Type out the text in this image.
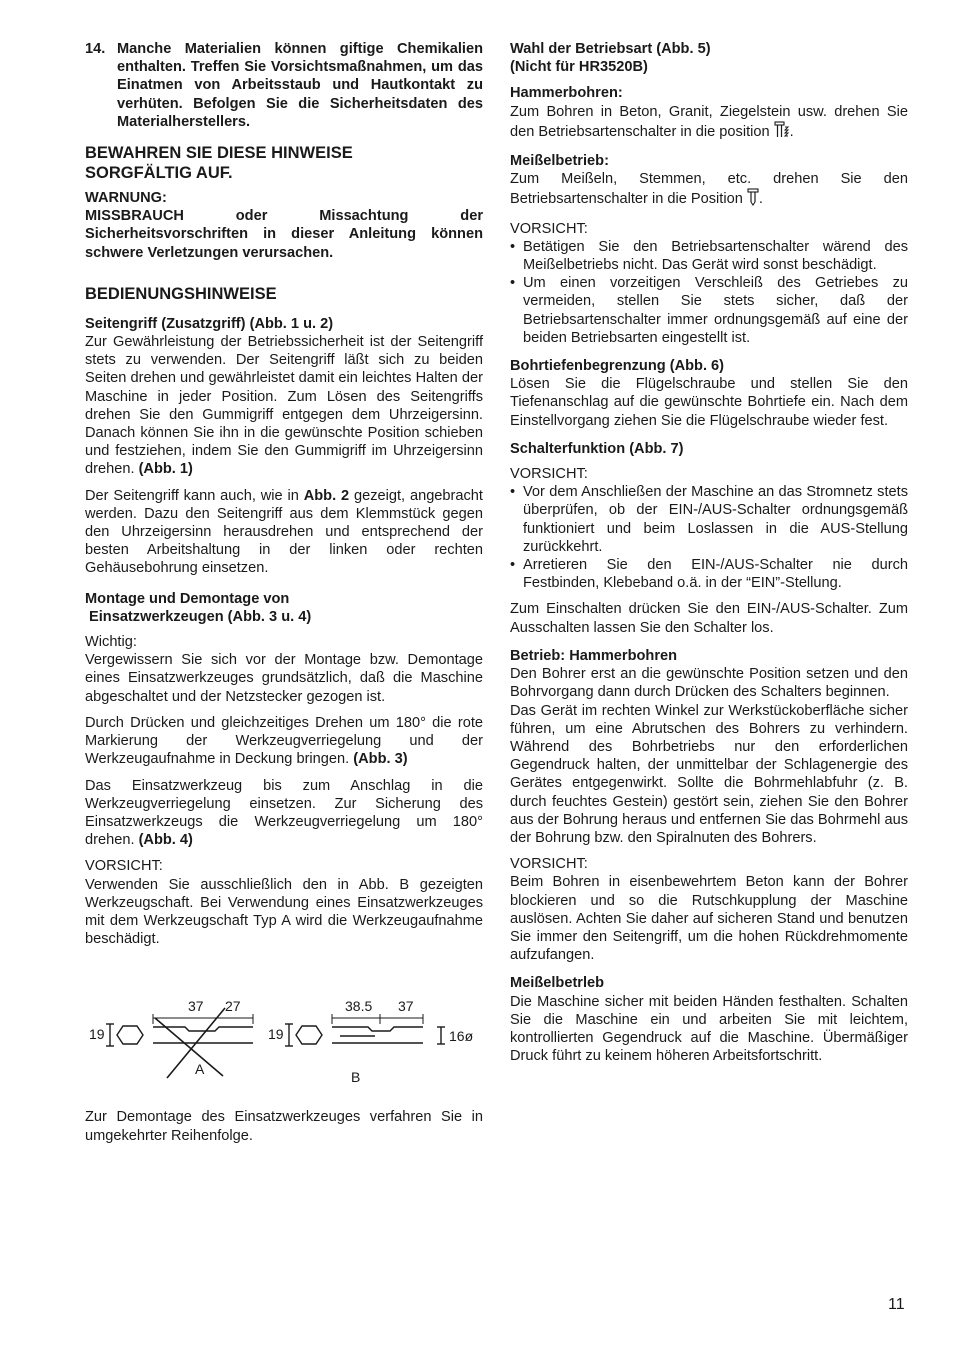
14. Manche Materialien können giftige Chemikalien enthalten. Treffen Sie Vorsichtsmaßnahmen, um das Einatmen von Arbeitsstaub und Hautkontakt zu verhüten. Befolgen Sie die Sicherheitsdaten des Materialherstellers.
BEWAHREN SIE DIESE HINWEISE
SORGFÄLTIG AUF.

WARNUNG:

MISSBRAUCH oder Missachtung der Sicherheitsvorschriften in dieser Anleitung können schwere Verletzungen verursachen.

BEDIENUNGSHINWEISE

Seitengriff (Zusatzgriff) (Abb. 1 u. 2)

Zur Gewährleistung der Betriebssicherheit ist der Seitengriff stets zu verwenden. Der Seitengriff läßt sich zu beiden Seiten drehen und gewährleistet damit ein leichtes Halten der Maschine in jeder Position. Zum Lösen des Seitengriffs drehen Sie den Gummigriff entgegen dem Uhrzeigersinn. Danach können Sie ihn in die gewünschte Position schieben und festziehen, indem Sie den Gummigriff im Uhrzeigersinn drehen. (Abb. 1)

Der Seitengriff kann auch, wie in Abb. 2 gezeigt, angebracht werden. Dazu den Seitengriff aus dem Klemmstück gegen den Uhrzeigersinn herausdrehen und entsprechend der besten Arbeitshaltung in der linken oder rechten Gehäusebohrung einsetzen.

Montage und Demontage von
Einsatzwerkzeugen (Abb. 3 u. 4)

Wichtig:

Vergewissern Sie sich vor der Montage bzw. Demontage eines Einsatzwerkzeuges grundsätzlich, daß die Maschine abgeschaltet und der Netzstecker gezogen ist.

Durch Drücken und gleichzeitiges Drehen um 180° die rote Markierung der Werkzeugverriegelung und der Werkzeugaufnahme in Deckung bringen. (Abb. 3)

Das Einsatzwerkzeug bis zum Anschlag in die Werkzeugverriegelung einsetzen. Zur Sicherung des Einsatzwerkzeugs die Werkzeugverriegelung um 180° drehen. (Abb. 4)

VORSICHT:

Verwenden Sie ausschließlich den in Abb. B gezeigten Werkzeugschaft. Bei Verwendung eines Einsatzwerkzeuges mit dem Werkzeugschaft Typ A wird die Werkzeugaufnahme beschädigt.

19
37 27
A
19
38.5 37
16ø
B

Zur Demontage des Einsatzwerkzeuges verfahren Sie in umgekehrter Reihenfolge.

Wahl der Betriebsart (Abb. 5)
(Nicht für HR3520B)

Hammerbohren:

Zum Bohren in Beton, Granit, Ziegelstein usw. drehen Sie den Betriebsartenschalter in die position .

Meißelbetrieb:

Zum Meißeln, Stemmen, etc. drehen Sie den Betriebsartenschalter in die Position .

VORSICHT:

• Betätigen Sie den Betriebsartenschalter wärend des Meißelbetriebs nicht. Das Gerät wird sonst beschädigt.
• Um einen vorzeitigen Verschleiß des Getriebes zu vermeiden, stellen Sie stets sicher, daß der Betriebsartenschalter immer ordnungsgemäß auf eine der beiden Betriebsarten eingestellt ist.

Bohrtiefenbegrenzung (Abb. 6)

Lösen Sie die Flügelschraube und stellen Sie den Tiefenanschlag auf die gewünschte Bohrtiefe ein. Nach dem Einstellvorgang ziehen Sie die Flügelschraube wieder fest.

Schalterfunktion (Abb. 7)

VORSICHT:

• Vor dem Anschließen der Maschine an das Stromnetz stets überprüfen, ob der EIN-/AUS-Schalter ordnungsgemäß funktioniert und beim Loslassen in die AUS-Stellung zurückkehrt.
• Arretieren Sie den EIN-/AUS-Schalter nie durch Festbinden, Klebeband o.ä. in der “EIN”-Stellung.

Zum Einschalten drücken Sie den EIN-/AUS-Schalter. Zum Ausschalten lassen Sie den Schalter los.

Betrieb: Hammerbohren

Den Bohrer erst an die gewünschte Position setzen und den Bohrvorgang dann durch Drücken des Schalters beginnen.

Das Gerät im rechten Winkel zur Werkstückoberfläche sicher führen, um eine Abrutschen des Bohrers zu verhindern. Während des Bohrbetriebs nur den erforderlichen Gegendruck halten, der unmittelbar der Schlagenergie des Gerätes entgegenwirkt. Sollte die Bohrmehlabfuhr (z. B. durch feuchtes Gestein) gestört sein, ziehen Sie den Bohrer aus der Bohrung heraus und entfernen Sie das Bohrmehl aus der Bohrung bzw. den Spiralnuten des Bohrers.

VORSICHT:

Beim Bohren in eisenbewehrtem Beton kann der Bohrer blockieren und so die Rutschkupplung der Maschine auslösen. Achten Sie daher auf sicheren Stand und benutzen Sie immer den Seitengriff, um die hohen Rückdrehmomente aufzufangen.

Meißelbetrleb

Die Maschine sicher mit beiden Händen festhalten. Schalten Sie die Maschine ein und arbeiten Sie mit leichtem, kontrollierten Gegendruck auf die Maschine. Übermäßiger Druck führt zu keinem höheren Arbeitsfortschritt.

11
